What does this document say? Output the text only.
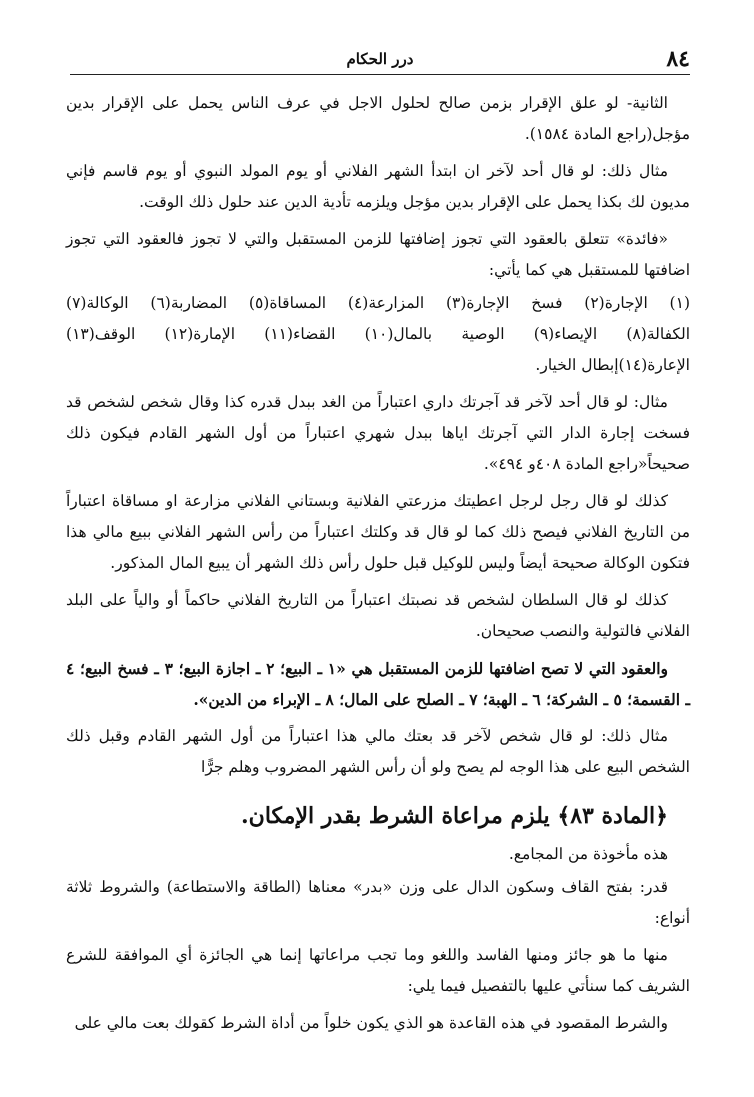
٨٤
درر الحكام

الثانية- لو علق الإقرار بزمن صالح لحلول الاجل في عرف الناس يحمل على الإقرار بدين مؤجل(راجع المادة ١٥٨٤).

مثال ذلك: لو قال أحد لآخر ان ابتدأ الشهر الفلاني أو يوم المولد النبوي أو يوم قاسم فإني مديون لك بكذا يحمل على الإقرار بدين مؤجل ويلزمه تأدية الدين عند حلول ذلك الوقت.

«فائدة» تتعلق بالعقود التي تجوز إضافتها للزمن المستقبل والتي لا تجوز فالعقود التي تجوز اضافتها للمستقبل هي كما يأتي:

(١) الإجارة(٢) فسخ الإجارة(٣) المزارعة(٤) المساقاة(٥) المضاربة(٦) الوكالة(٧)

الكفالة(٨) الإيصاء(٩) الوصية بالمال(١٠) القضاء(١١) الإمارة(١٢) الوقف(١٣)

الإعارة(١٤)إبطال الخيار.

مثال: لو قال أحد لآخر قد آجرتك داري اعتباراً من الغد ببدل قدره كذا وقال شخص لشخص قد فسخت إجارة الدار التي آجرتك اياها ببدل شهري اعتباراً من أول الشهر القادم فيكون ذلك صحيحاً«راجع المادة ٤٠٨و ٤٩٤».

كذلك لو قال رجل لرجل اعطيتك مزرعتي الفلانية وبستاني الفلاني مزارعة او مساقاة اعتباراً من التاريخ الفلاني فيصح ذلك كما لو قال قد وكلتك اعتباراً من رأس الشهر الفلاني ببيع مالي هذا فتكون الوكالة صحيحة أيضاً وليس للوكيل قبل حلول رأس ذلك الشهر أن يبيع المال المذكور.

كذلك لو قال السلطان لشخص قد نصبتك اعتباراً من التاريخ الفلاني حاكماً أو والياً على البلد الفلاني فالتولية والنصب صحيحان.

والعقود التي لا تصح اضافتها للزمن المستقبل هي «١ ـ البيع؛ ٢ ـ اجازة البيع؛ ٣ ـ فسخ البيع؛ ٤ ـ القسمة؛ ٥ ـ الشركة؛ ٦ ـ الهبة؛ ٧ ـ الصلح على المال؛ ٨ ـ الإبراء من الدين».

مثال ذلك: لو قال شخص لآخر قد بعتك مالي هذا اعتباراً من أول الشهر القادم وقبل ذلك الشخص البيع على هذا الوجه لم يصح ولو أن رأس الشهر المضروب وهلم جرًّا

﴿المادة ٨٣﴾ يلزم مراعاة الشرط بقدر الإمكان.

هذه مأخوذة من المجامع.

قدر: بفتح القاف وسكون الدال على وزن «بدر» معناها (الطاقة والاستطاعة) والشروط ثلاثة أنواع:

منها ما هو جائز ومنها الفاسد واللغو وما تجب مراعاتها إنما هي الجائزة أي الموافقة للشرع الشريف كما سنأتي عليها بالتفصيل فيما يلي:

والشرط المقصود في هذه القاعدة هو الذي يكون خلواً من أداة الشرط كقولك بعت مالي على
